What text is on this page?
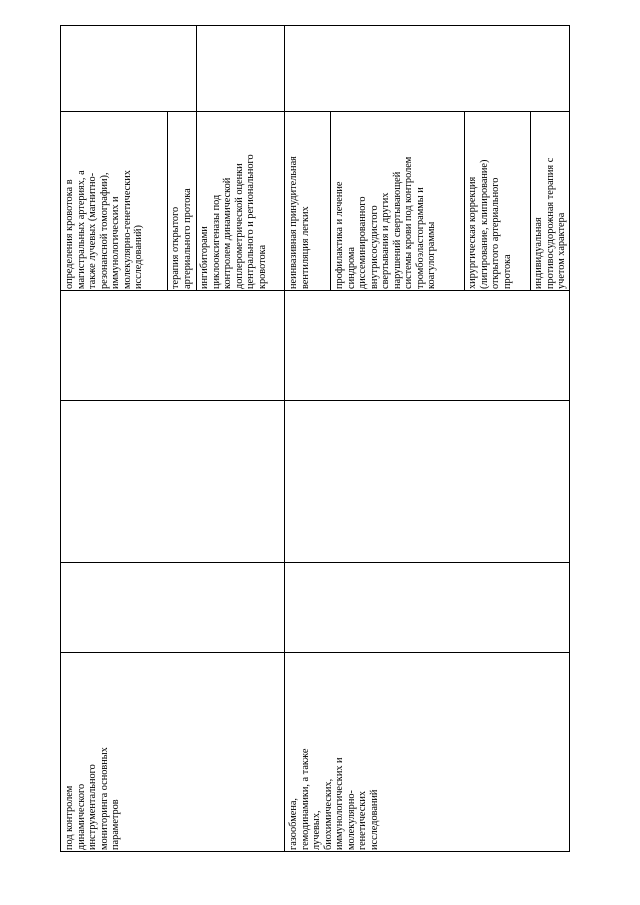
определения кровотока в
магистральных артериях, а
также лучевых (магнитно-
резонансной томографии),
иммунологических и
молекулярно-генетических
исследований)	терапия открытого
артериального протока
ингибиторами
циклооксигеназы под
контролем динамической
доплерометрической оценки
центрального и регионального
кровотока
под контролем
динамического
инструментального
мониторинга основных
параметров
неинвазивная принудительная
вентиляция легких
профилактика и лечение
синдрома
диссеминированного
внутрисосудистого
свертывания и других
нарушений свертывающей
системы крови под контролем
тромбоэластограммы и
коагулограммы	хирургическая коррекция
(лигирование, клипирование)
открытого артериального
протока индивидуальная
противосудорожная терапия с
учетом характера
газообмена,
гемодинамики, а также
лучевых,
биохимических,
иммунологических и
молекулярно-
генетических
исследований
